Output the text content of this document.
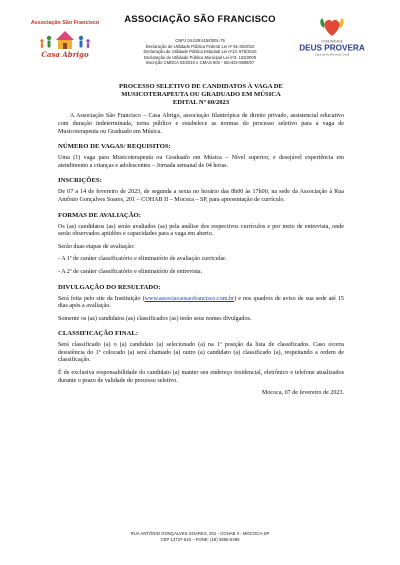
Associação São Francisco
Casa Abrigo
ASSOCIAÇÃO SÃO FRANCISCO
COMUNIDADE
DEUS PROVERA
Casa de Acolhimento Cristã
CNPJ 04.029.515/0001-75
Declaração de Utilidade Pública Federal Lei nº 91-35/2010
Declaração de Utilidade Pública Estadual Lei nº13. 975/2010
Declaração de Utilidade Pública Municipal Lei nº3. 133/2000
Inscrição CMDCA 03/2010 e CMAS 003 - SEADS-5998/07
PROCESSO SELETIVO DE CANDIDATOS À VAGA DE
MUSICOTERAPEUTA OU GRADUADO EM MÚSICA
EDITAL Nº 60/2023

A Associação São Francisco – Casa Abrigo, associação filantrópica de direito privado, assistencial educativo com duração indeterminada, torna público e estabelece as normas do processo seletivo para a vaga de Musicoterapeuta ou Graduado em Música.

NÚMERO DE VAGAS/ REQUISITOS:

Uma (1) vaga para Musicoterapeuta ou Graduado em Música – Nível superior, e desejável experiência em atendimento a crianças e adolescentes – Jornada semanal de 04 horas.

INSCRIÇÕES:

De 07 a 14 de fevereiro de 2023, de segunda a sexta no horário das 8h00 às 17h00, na sede da Associação à Rua Antônio Gonçalves Soares, 201 – COHAB II – Mococa – SP, para apresentação de currículo.

FORMAS DE AVALIAÇÃO:

Os (as) candidatos (as) serão avaliados (as) pela análise dos respectivos currículos e por meio de entrevista, onde serão observados aptidões e capacidades para a vaga em aberto.

Serão duas etapas de avaliação:

- A 1ª de caráter classificatório e eliminatório de avaliação curricular.

- A 2ª de caráter classificatório e eliminatório de entrevista.

DIVULGAÇÃO DO RESULTADO:

Será feita pelo site da Instituição (www.associacaosaofrancisco.com.br) e nos quadros de aviso de sua sede até 15 dias após a avaliação.

Somente os (as) candidatos (as) classificados (as) terão seus nomes divulgados.

CLASSIFICAÇÃO FINAL:

Será classificado (a) o (a) candidato (a) selecionado (a) na 1ª posição da lista de classificados. Caso ocorra desistência do 1º colocado (a) será chamado (a) outro (a) candidato (a) classificado (a), respeitando a ordem de classificação.

É de exclusiva responsabilidade do candidato (a) manter seu endereço residencial, eletrônico e telefone atualizados durante o prazo de validade do processo seletivo.

Mococa, 07 de fevereiro de 2023.

RUA ANTÔNIO GONÇALVES SOARES, 201 - COHAB II - MOCOCA-SP
CEP 13737-610 – FONE: (19) 3665-6490
